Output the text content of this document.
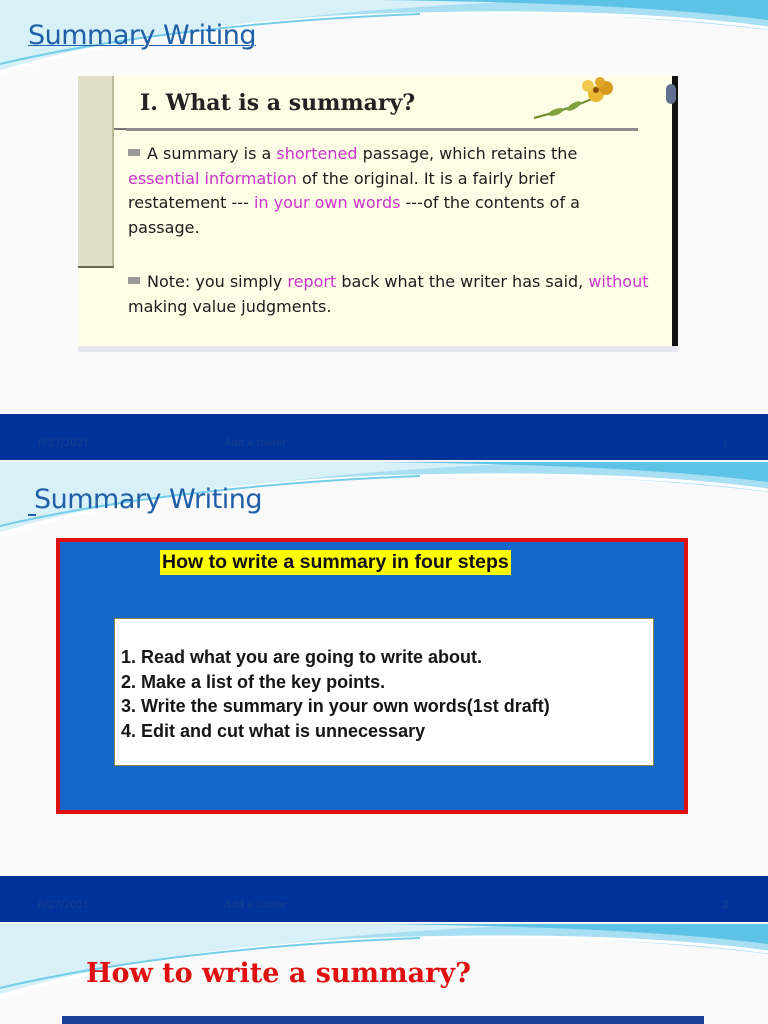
Summary Writing
I. What is a summary?
A summary is a shortened passage, which retains the essential information of the original. It is a fairly brief restatement --- in your own words ---of the contents of a passage.
Note: you simply report back what the writer has said, without making value judgments.

8/27/2021	Add a footer	1
Summary Writing
How to write a summary in four steps
1. Read what you are going to write about.
2. Make a list of the key points.
3. Write the summary in your own words(1st draft)
4. Edit and cut what is unnecessary

8/27/2021	Add a footer	2
How to write a summary?
